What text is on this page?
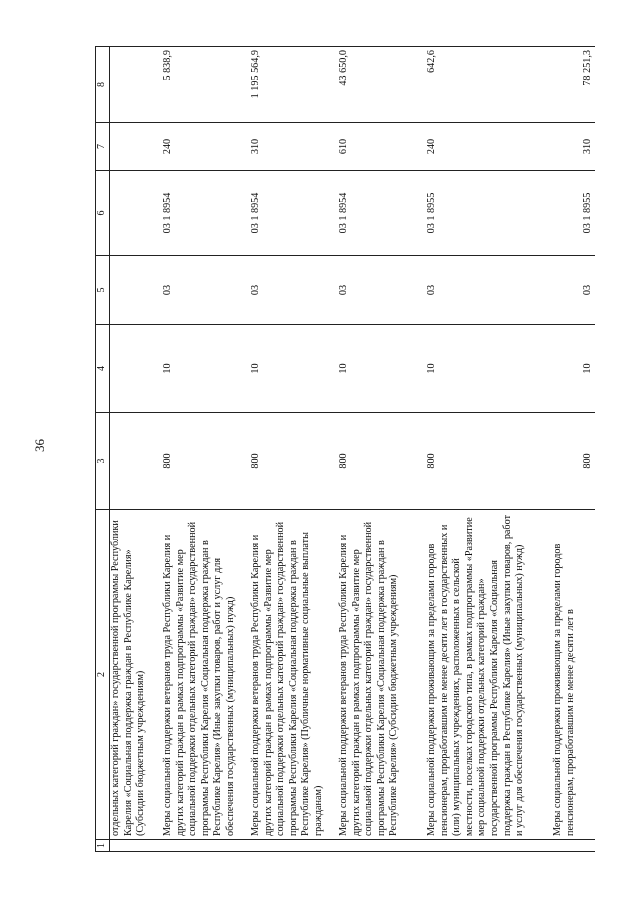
36
1	2	3	4	5	6	7	8
	отдельных категорий граждан» государственной программы Республики Карелия «Социальная поддержка граждан в Республике Карелия» (Субсидии бюджетным учреждениям)						
	Меры социальной поддержки ветеранов труда Республики Карелия и других категорий граждан в рамках подпрограммы «Развитие мер социальной поддержки отдельных категорий граждан» государственной программы Республики Карелия «Социальная поддержка граждан в Республике Карелия» (Иные закупки товаров, работ и услуг для обеспечения государственных (муниципальных) нужд)	800	10	03	03 1 8954	240	5 838,9
	Меры социальной поддержки ветеранов труда Республики Карелия и других категорий граждан в рамках подпрограммы «Развитие мер социальной поддержки отдельных категорий граждан» государственной программы Республики Карелия «Социальная поддержка граждан в Республике Карелия» (Публичные нормативные социальные выплаты гражданам)	800	10	03	03 1 8954	310	1 195 564,9
	Меры социальной поддержки ветеранов труда Республики Карелия и других категорий граждан в рамках подпрограммы «Развитие мер социальной поддержки отдельных категорий граждан» государственной программы Республики Карелия «Социальная поддержка граждан в Республике Карелия» (Субсидии бюджетным учреждениям)	800	10	03	03 1 8954	610	43 650,0
	Меры социальной поддержки проживающим за пределами городов пенсионерам, проработавшим не менее десяти лет в государственных и (или) муниципальных учреждениях, расположенных в сельской местности, поселках городского типа, в рамках подпрограммы «Развитие мер социальной поддержки отдельных категорий граждан» государственной программы Республики Карелия «Социальная поддержка граждан в Республике Карелия» (Иные закупки товаров, работ и услуг для обеспечения государственных (муниципальных) нужд)	800	10	03	03 1 8955	240	642,6
	Меры социальной поддержки проживающим за пределами городов пенсионерам, проработавшим не менее десяти лет в	800	10	03	03 1 8955	310	78 251,3
